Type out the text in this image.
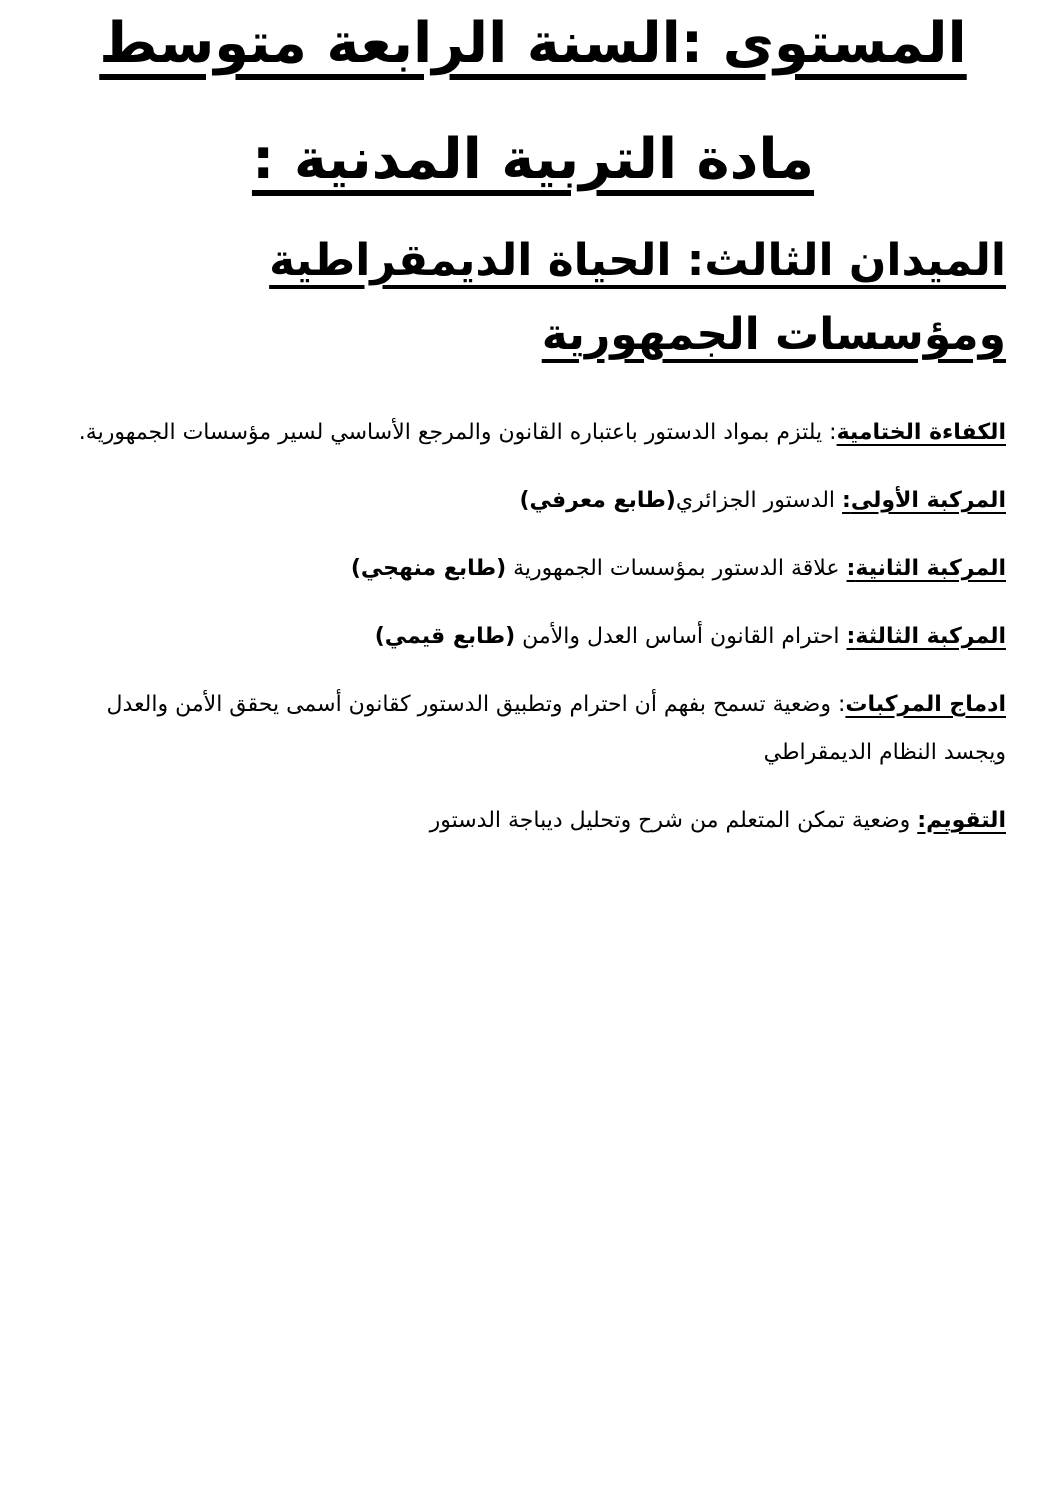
المستوى :السنة الرابعة متوسط
مادة التربية المدنية :
الميدان الثالث: الحياة الديمقراطية ومؤسسات الجمهورية

الكفاءة الختامية: يلتزم بمواد الدستور باعتباره القانون والمرجع الأساسي لسير مؤسسات الجمهورية.

المركبة الأولى: الدستور الجزائري(طابع معرفي)

المركبة الثانية: علاقة الدستور بمؤسسات الجمهورية (طابع منهجي)

المركبة الثالثة: احترام القانون أساس العدل والأمن (طابع قيمي)

ادماج المركبات: وضعية تسمح بفهم أن احترام وتطبيق الدستور كقانون أسمى يحقق الأمن والعدل ويجسد النظام الديمقراطي

التقويم: وضعية تمكن المتعلم من شرح وتحليل ديباجة الدستور
